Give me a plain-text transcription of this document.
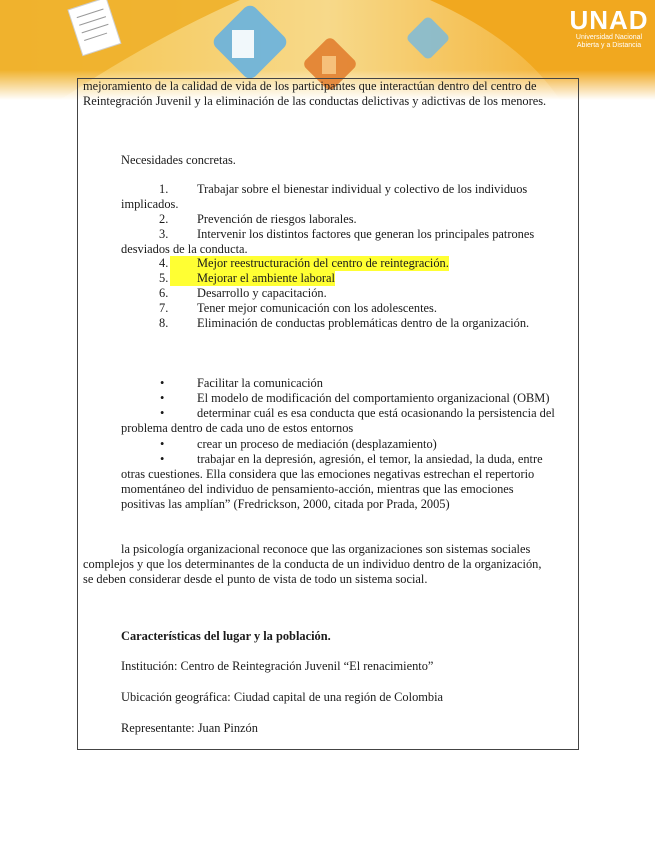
UNAD
Universidad Nacional
Abierta y a Distancia
mejoramiento de la calidad de vida de los participantes que interactúan dentro del centro de
Reintegración Juvenil y la eliminación de las conductas delictivas y adictivas de los menores.
Necesidades concretas.
1. Trabajar sobre el bienestar individual y colectivo de los individuos
implicados.
2. Prevención de riesgos laborales.
3. Intervenir los distintos factores que generan los principales patrones
desviados de la conducta.
4.	Mejor reestructuración del centro de reintegración.
5.	Mejorar el ambiente laboral
6. Desarrollo y capacitación.
7. Tener mejor comunicación con los adolescentes.
8. Eliminación de conductas problemáticas dentro de la organización.
•	Facilitar la comunicación
•	El modelo de modificación del comportamiento organizacional (OBM)
•	determinar cuál es esa conducta que está ocasionando la persistencia del
problema dentro de cada uno de estos entornos
•	crear un proceso de mediación (desplazamiento)
•	trabajar en la depresión, agresión, el temor, la ansiedad, la duda, entre
otras cuestiones. Ella considera que las emociones negativas estrechan el repertorio
momentáneo del individuo de pensamiento-acción, mientras que las emociones
positivas las amplían” (Fredrickson, 2000, citada por Prada, 2005)
la psicología organizacional reconoce que las organizaciones son sistemas sociales
complejos y que los determinantes de la conducta de un individuo dentro de la organización,
se deben considerar desde el punto de vista de todo un sistema social.
Características del lugar y la población.
Institución: Centro de Reintegración Juvenil “El renacimiento”
Ubicación geográfica: Ciudad capital de una región de Colombia
Representante: Juan Pinzón
